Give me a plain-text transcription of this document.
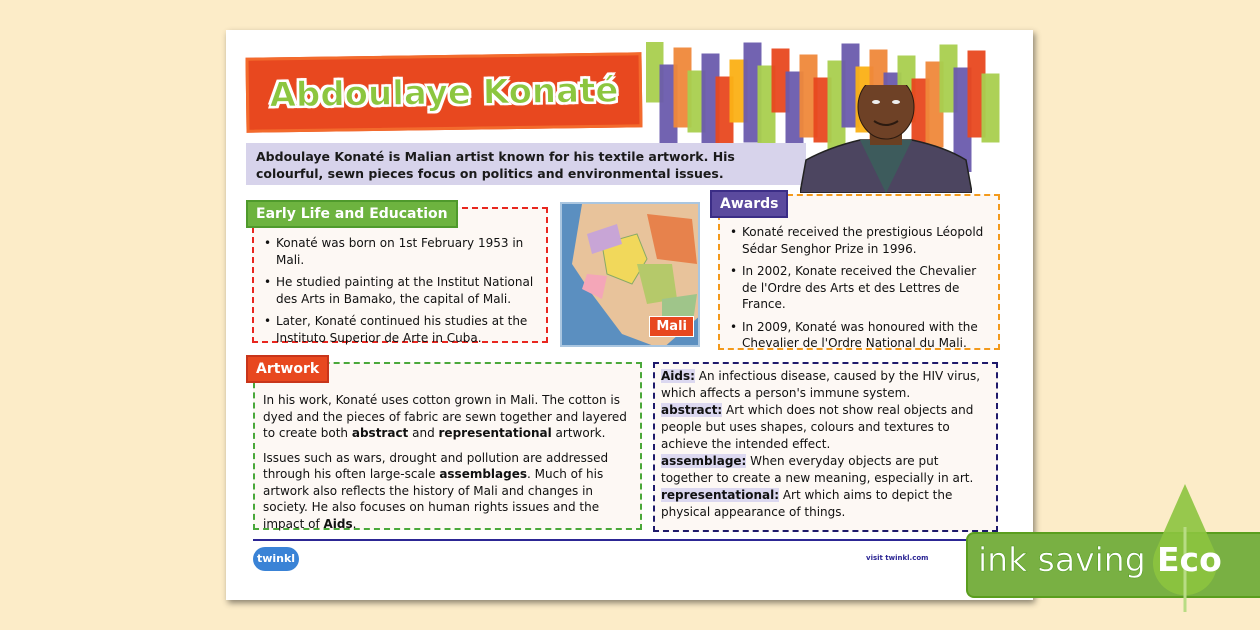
Abdoulaye Konaté
Abdoulaye Konaté is Malian artist known for his textile artwork. His colourful, sewn pieces focus on politics and environmental issues.
• Konaté was born on 1st February 1953 in Mali.
• He studied painting at the Institut National des Arts in Bamako, the capital of Mali.
• Later, Konaté continued his studies at the Instituto Superior de Arte in Cuba.
Early Life and Education
Mali
• Konaté received the prestigious Léopold Sédar Senghor Prize in 1996.
• In 2002, Konate received the Chevalier de l'Ordre des Arts et des Lettres de France.
• In 2009, Konaté was honoured with the Chevalier de l'Ordre National du Mali.
Awards

In his work, Konaté uses cotton grown in Mali. The cotton is dyed and the pieces of fabric are sewn together and layered to create both abstract and representational artwork.

Issues such as wars, drought and pollution are addressed through his often large-scale assemblages. Much of his artwork also reflects the history of Mali and changes in society. He also focuses on human rights issues and the impact of Aids.

Artwork	Aids: An infectious disease, caused by the HIV virus, which affects a person's immune system.

abstract: Art which does not show real objects and people but uses shapes, colours and textures to achieve the intended effect.

assemblage: When everyday objects are put together to create a new meaning, especially in art.

representational: Art which aims to depict the physical appearance of things.

twinkl	visit twinkl.com ink saving Eco
